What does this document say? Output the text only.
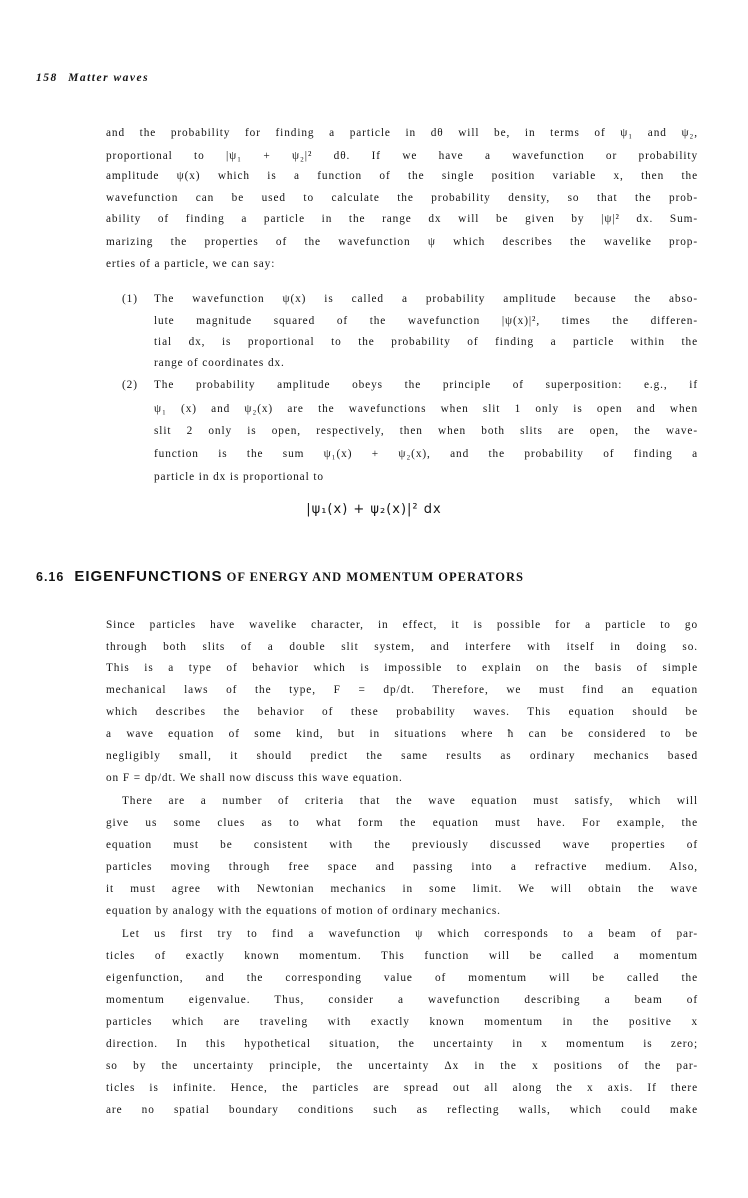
158 Matter waves
and the probability for finding a particle in dθ will be, in terms of ψ₁ and ψ₂,
proportional to |ψ₁ + ψ₂|² dθ. If we have a wavefunction or probability
amplitude ψ(x) which is a function of the single position variable x, then the
wavefunction can be used to calculate the probability density, so that the prob-
ability of finding a particle in the range dx will be given by |ψ|² dx. Sum-
marizing the properties of the wavefunction ψ which describes the wavelike prop-
erties of a particle, we can say:
(1) The wavefunction ψ(x) is called a probability amplitude because the abso-
lute magnitude squared of the wavefunction |ψ(x)|², times the differen-
tial dx, is proportional to the probability of finding a particle within the
range of coordinates dx.
(2) The probability amplitude obeys the principle of superposition: e.g., if
ψ₁ (x) and ψ₂(x) are the wavefunctions when slit 1 only is open and when
slit 2 only is open, respectively, then when both slits are open, the wave-
function is the sum ψ₁(x) + ψ₂(x), and the probability of finding a
particle in dx is proportional to
|ψ₁(x) + ψ₂(x)|² dx
6.16 EIGENFUNCTIONS OF ENERGY AND MOMENTUM OPERATORS
Since particles have wavelike character, in effect, it is possible for a particle to go
through both slits of a double slit system, and interfere with itself in doing so.
This is a type of behavior which is impossible to explain on the basis of simple
mechanical laws of the type, F = dp/dt. Therefore, we must find an equation
which describes the behavior of these probability waves. This equation should be
a wave equation of some kind, but in situations where ħ can be considered to be
negligibly small, it should predict the same results as ordinary mechanics based
on F = dp/dt. We shall now discuss this wave equation.
There are a number of criteria that the wave equation must satisfy, which will
give us some clues as to what form the equation must have. For example, the
equation must be consistent with the previously discussed wave properties of
particles moving through free space and passing into a refractive medium. Also,
it must agree with Newtonian mechanics in some limit. We will obtain the wave
equation by analogy with the equations of motion of ordinary mechanics.
Let us first try to find a wavefunction ψ which corresponds to a beam of par-
ticles of exactly known momentum. This function will be called a momentum
eigenfunction, and the corresponding value of momentum will be called the
momentum eigenvalue. Thus, consider a wavefunction describing a beam of
particles which are traveling with exactly known momentum in the positive x
direction. In this hypothetical situation, the uncertainty in x momentum is zero;
so by the uncertainty principle, the uncertainty Δx in the x positions of the par-
ticles is infinite. Hence, the particles are spread out all along the x axis. If there
are no spatial boundary conditions such as reflecting walls, which could make
